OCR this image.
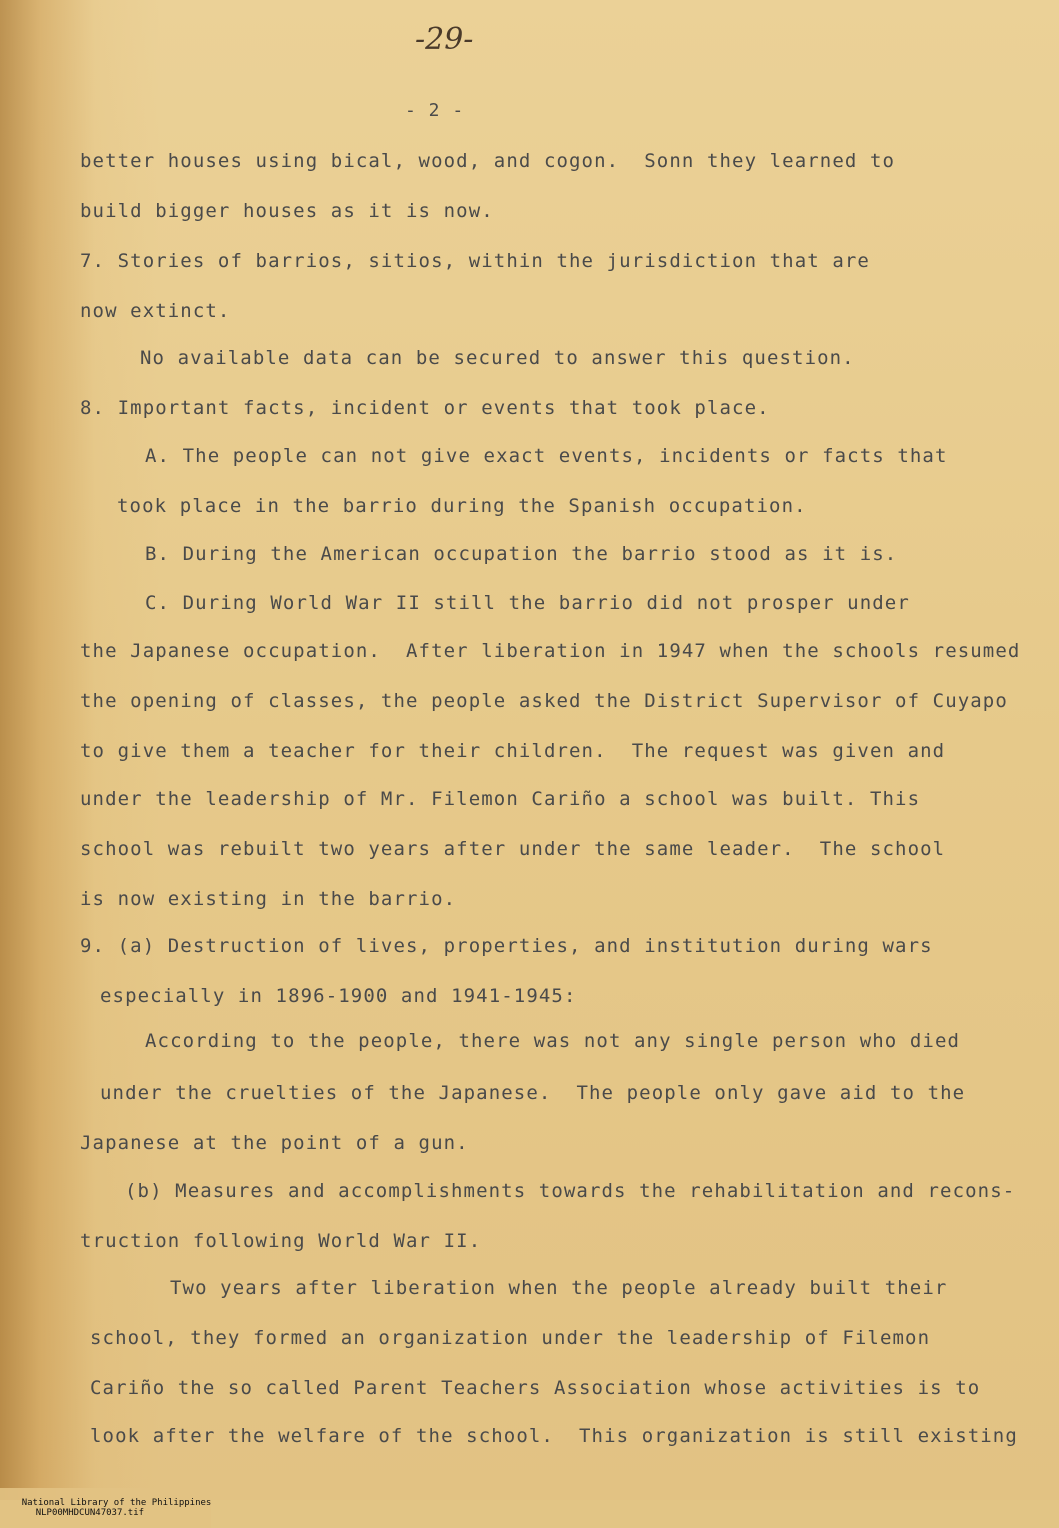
-29-
- 2 -
better houses using bical, wood, and cogon.  Sonn they learned to
build bigger houses as it is now.
7. Stories of barrios, sitios, within the jurisdiction that are
now extinct.
No available data can be secured to answer this question.
8. Important facts, incident or events that took place.
A. The people can not give exact events, incidents or facts that
took place in the barrio during the Spanish occupation.
B. During the American occupation the barrio stood as it is.
C. During World War II still the barrio did not prosper under
the Japanese occupation.  After liberation in 1947 when the schools resumed
the opening of classes, the people asked the District Supervisor of Cuyapo
to give them a teacher for their children.  The request was given and
under the leadership of Mr. Filemon Cariño a school was built. This
school was rebuilt two years after under the same leader.  The school
is now existing in the barrio.
9. (a) Destruction of lives, properties, and institution during wars
especially in 1896-1900 and 1941-1945:
According to the people, there was not any single person who died
under the cruelties of the Japanese.  The people only gave aid to the
Japanese at the point of a gun.
(b) Measures and accomplishments towards the rehabilitation and recons-
truction following World War II.
Two years after liberation when the people already built their
school, they formed an organization under the leadership of Filemon
Cariño the so called Parent Teachers Association whose activities is to
look after the welfare of the school.  This organization is still existing

National Library of the Philippines
NLP00MHDCUN47037.tif
